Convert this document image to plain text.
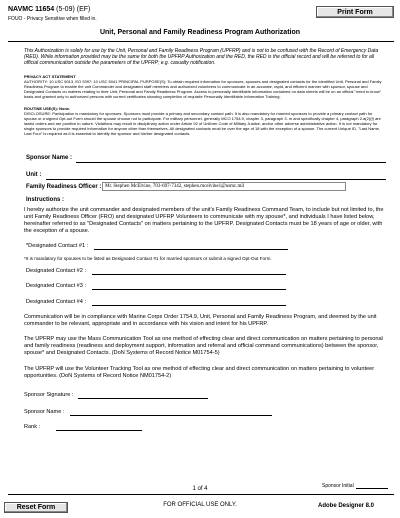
NAVMC 11654 (5-09) (EF)
FOUO - Privacy Sensitive when filled in.
Print Form
Unit, Personal and Family Readiness Program Authorization
This Authorization is solely for use by the Unit, Personal and Family Readiness Program (UPFRP) and is not to be confused with the Record of Emergency Data (RED). While information provided may be the same for both the UPFRP Authorization and the RED, the RED is the official record and will be referred to for all official communication outside the parameters of the UPFRP; e.g. casualty notification.
PRIVACY ACT STATEMENT
AUTHORITY: 10 USC 5013, EO 9397; 10 USC 5041 PRINCIPAL PURPOSE(S): To obtain required information for sponsors, spouses and designated contacts for the identified Unit, Personal and Family Readiness Program to enable the unit Commander and designated staff members and authorized volunteers to communicate in an accurate, rapid, and efficient manner with sponsor, spouse and Designated Contacts on matters relating to their Unit, Personal and Family Readiness Program. Access to personally identifiable information contained on data sheets will be on an official "need to know" basis and granted only to authorized persons with current certificates showing completion of requisite Personally Identifiable Information Training.
ROUTINE USE(S): None.
DISCLOSURE: Participation is mandatory for sponsors. Sponsors must provide a primary and secondary contact path. It is also mandatory for married sponsors to provide a primary contact path for spouse or a signed Opt-out Form should the spouse choose not to participate. For military personnel, generally MCO 1754.9, chapter 3, paragraph 3. m and specifically chapter 4, paragraph 2.a(2)(f) are lawful orders and are punitive in nature. Violations may result in disciplinary action under Article 92 of Uniform Code of Military Justice, and/or other adverse administrative action. It is not mandatory for single sponsors to provide required information for anyone other than themselves. All designated contacts must be over the age of 18 with the exception of a spouse. The current Unique ID, "Last Name, Last Four" is required as it is essential to identify the sponsor and his/her designated contacts.
Sponsor Name :
Unit :
Family Readiness Officer : Mr. Stephen McElvine, 703-697-7342, stephen.mcelvine1@usmc.mil
Instructions :
I hereby authorize the unit commander and designated members of the unit's Family Readiness Command Team, to include but not limited to, the unit Family Readiness Officer (FRO) and designated UPFRP Volunteers to communicate with my spouse*, and individuals I have listed below, hereinafter referred to as "Designated Contacts" on matters pertaining to the UPFRP. Designated Contacts must be 18 years of age or older, with the exception of a spouse.
*Designated Contact #1 :
*It is mandatory for spouses to be listed as Designated Contact #1 for married sponsors or submit a signed Opt-Out Form.
Designated Contact #2 :
Designated Contact #3 :
Designated Contact #4 :
Communication will be in compliance with Marine Corps Order 1754.9, Unit, Personal and Family Readiness Program, and deemed by the unit commander to be relevant, appropriate and in accordance with his vision and intent for his UPFRP.
The UPFRP may use the Mass Communication Tool as one method of effecting clear and direct communication on matters pertaining to personal and family readiness (readiness and deployment support, information and referral and official command communications) between the sponsor, spouse* and Designated Contacts. (DoN Systems of Record Notice M01754-5)
The UPFRP will use the Volunteer Tracking Tool as one method of effecting clear and direct communication on matters pertaining to volunteer opportunities. (DoN Systems of Record Notice NM01754-2)
Sponsor Signature :
Sponsor Name :
Rank :
Sponsor Initial
1 of 4
Reset Form	FOR OFFICIAL USE ONLY.	Adobe Designer 8.0
